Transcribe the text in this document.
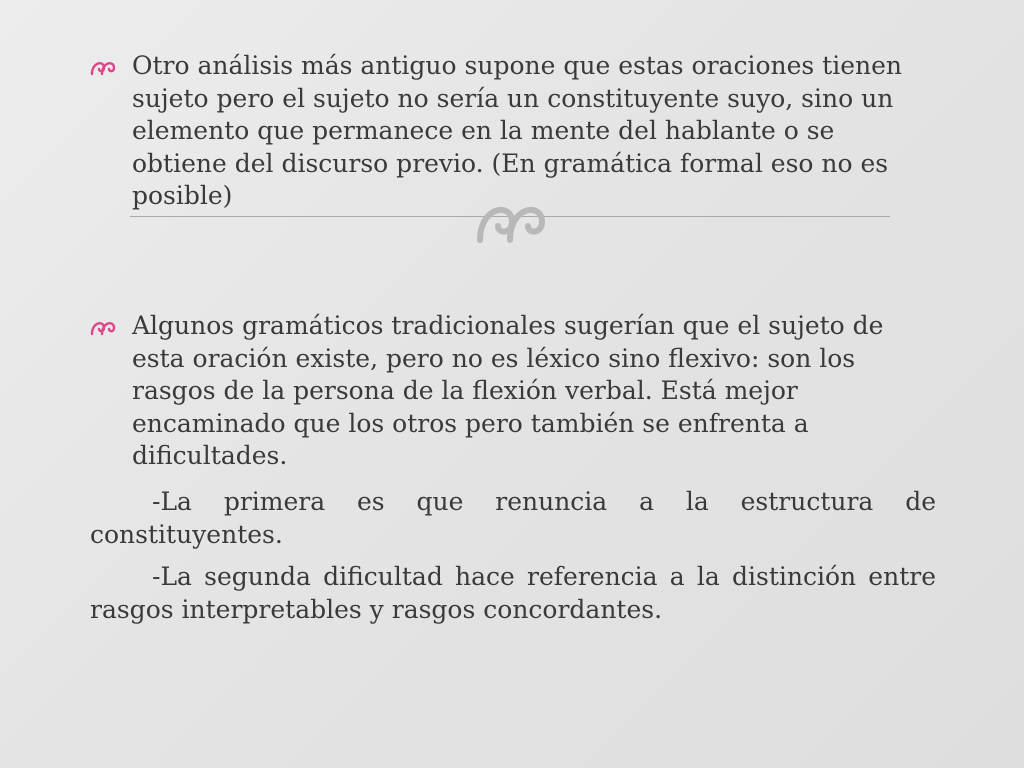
Otro análisis más antiguo supone que estas oraciones tienen sujeto pero el sujeto no sería un constituyente suyo, sino un elemento que permanece en la mente del hablante o se obtiene del discurso previo. (En gramática formal eso no es posible)
Algunos gramáticos tradicionales sugerían que el sujeto de esta oración existe, pero no es léxico sino flexivo: son los rasgos de la persona de la flexión verbal. Está mejor encaminado que los otros pero también se enfrenta a dificultades.
-La primera es que renuncia a la estructura de constituyentes.
-La segunda dificultad hace referencia a la distinción entre rasgos interpretables y rasgos concordantes.
